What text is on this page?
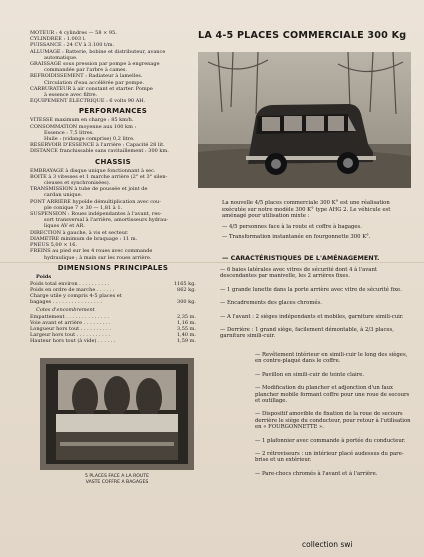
MOTEUR : 4 cylindres — 58 × 95.

CYLINDRÉE : 1.003 l.

PUISSANCE : 24 CV à 3.100 t/m.

ALLUMAGE : Batterie, bobine et distributeur, avance

automatique.

GRAISSAGE sous pression par pompe à engrenage

commandée par l'arbre à cames.

REFROIDISSEMENT : Radiateur à lamelles.

Circulation d'eau accélérée par pompe.

CARBURATEUR à air constant et starter. Pompe

à essence avec filtre.

ÉQUIPEMENT ÉLECTRIQUE : 6 volts 90 AH.

PERFORMANCES

VITESSE maximum en charge : 85 km/h.

CONSOMMATION moyenne aux 100 km :

Essence : 7,5 litres.

Huile : (vidange comprise) 0,2 litre.

RÉSERVOIR D'ESSENCE à l'arrière : Capacité 28 lit.

DISTANCE franchissable sans ravitaillement : 300 km.

CHASSIS

EMBRAYAGE à disque unique fonctionnant à sec.

BOITE à 3 vitesses et 1 marche arrière (2° et 3° silen-

cieuses et synchronisées).

TRANSMISSION à tube de poussée et joint de

cardan unique.

PONT ARRIÈRE hypoïde démultiplication avec cou-

ple conique 7 × 30 — 1,81 à 1.

SUSPENSION : Roues indépendantes à l'avant, res-

sort transversal à l'arrière, amortisseurs hydrau-

liques AV et AR.

DIRECTION à gauche, à vis et secteur.

DIAMÈTRE minimum de braquage : 11 m.

PNEUS 5,00 × 16.

FREINS au pied sur les 4 roues avec commande

hydraulique ; à main sur les roues arrière.

DIMENSIONS PRINCIPALES
Poids
Poids total environ . . . . . . . . . .	1165 kg.
Poids en ordre de marche . . . . . .	862 kg.
Charge utile y compris 4-5 places et
bagages . . . . . . . . . . . . . . . .	300 kg.
Cotes d'encombrement
Empattement . . . . . . . . . . . . . .	2,35 m.
Voie avant et arrière . . . . . . . . .	1,16 m.
Longueur hors tout . . . . . . . . . .	3,55 m.
Largeur hors tout . . . . . . . . . . .	1,40 m.
Hauteur hors tout (à vide) . . . . . .	1,59 m.
LA 4-5 PLACES COMMERCIALE 300 Kg

La nouvelle 4/5 places commerciale 300 K° est une réalisation exécutée sur notre modèle 300 K° type AHG 2. Le véhicule est aménagé pour utilisation mixte :

— 4/5 personnes face à la route et coffre à bagages.
— Transformation instantanée en fourgonnette 300 K°.
— CARACTÉRISTIQUES DE L'AMÉNAGEMENT.

— 6 baies latérales avec vitres de sécurité dont 4 à l'avant descendantes par manivelle, les 2 arrières fixes.

— 1 grande lunette dans la porte arrière avec vitre de sécurité fixe.

— Encadrements des glaces chromés.

— A l'avant : 2 sièges indépendants et mobiles, garniture simili-cuir.

— Derrière : 1 grand siège, facilement démontable, à 2/3 places, garniture simili-cuir.

5 PLACES FACE A LA ROUTE
VASTE COFFRE A BAGAGES

— Revêtement intérieur en simili-cuir le long des sièges, en contre-plaqué dans le coffre.

— Pavillon en simili-cuir de teinte claire.

— Modification du plancher et adjonction d'un faux plancher mobile formant coffre pour une roue de secours et outillage.

— Dispositif amovible de fixation de la roue de secours derrière le siège du conducteur, pour retour à l'utilisation en « FOURGONNETTE ».

— 1 plafonnier avec commande à portée du conducteur.

— 2 rétroviseurs : un intérieur placé audessus du pare-brise et un extérieur.

— Pare-chocs chromés à l'avant et à l'arrière.

collection swi
